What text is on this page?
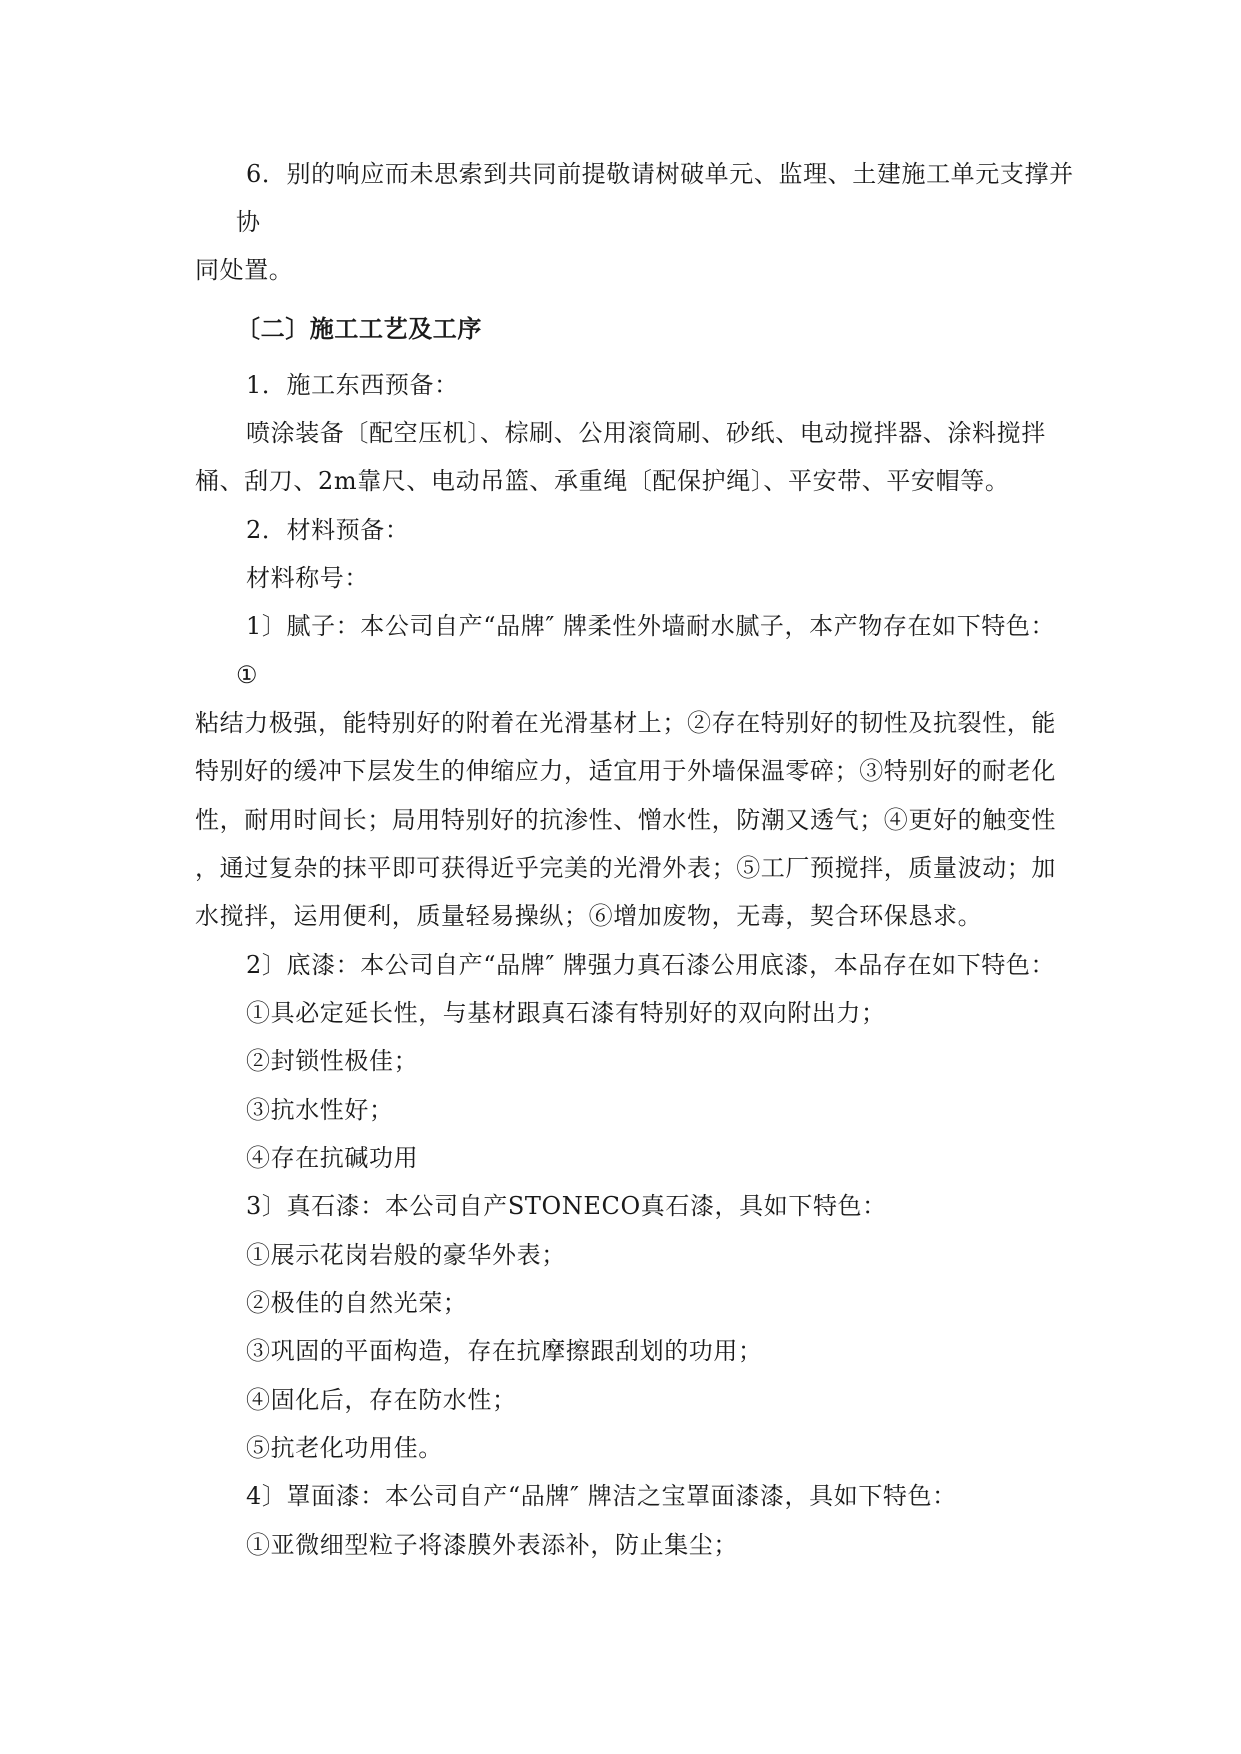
6．别的响应而未思索到共同前提敬请树破单元、监理、土建施工单元支撑并
协
同处置。
〔二〕施工工艺及工序
1．施工东西预备：
喷涂装备〔配空压机〕、棕刷、公用滚筒刷、砂纸、电动搅拌器、涂料搅拌
桶、刮刀、2m靠尺、电动吊篮、承重绳〔配保护绳〕、平安带、平安帽等。
2．材料预备：
材料称号：
1〕腻子：本公司自产“品牌″ 牌柔性外墙耐水腻子，本产物存在如下特色：
①
粘结力极强，能特别好的附着在光滑基材上；②存在特别好的韧性及抗裂性，能
特别好的缓冲下层发生的伸缩应力，适宜用于外墙保温零碎；③特别好的耐老化
性，耐用时间长；局用特别好的抗渗性、憎水性，防潮又透气；④更好的触变性
，通过复杂的抹平即可获得近乎完美的光滑外表；⑤工厂预搅拌，质量波动；加
水搅拌，运用便利，质量轻易操纵；⑥增加废物，无毒，契合环保恳求。
2〕底漆：本公司自产“品牌″ 牌强力真石漆公用底漆，本品存在如下特色：
①具必定延长性，与基材跟真石漆有特别好的双向附出力；
②封锁性极佳；
③抗水性好；
④存在抗碱功用
3〕真石漆：本公司自产STONECO真石漆，具如下特色：
①展示花岗岩般的豪华外表；
②极佳的自然光荣；
③巩固的平面构造，存在抗摩擦跟刮划的功用；
④固化后，存在防水性；
⑤抗老化功用佳。
4〕罩面漆：本公司自产“品牌″ 牌洁之宝罩面漆漆，具如下特色：
①亚微细型粒子将漆膜外表添补，防止集尘；
